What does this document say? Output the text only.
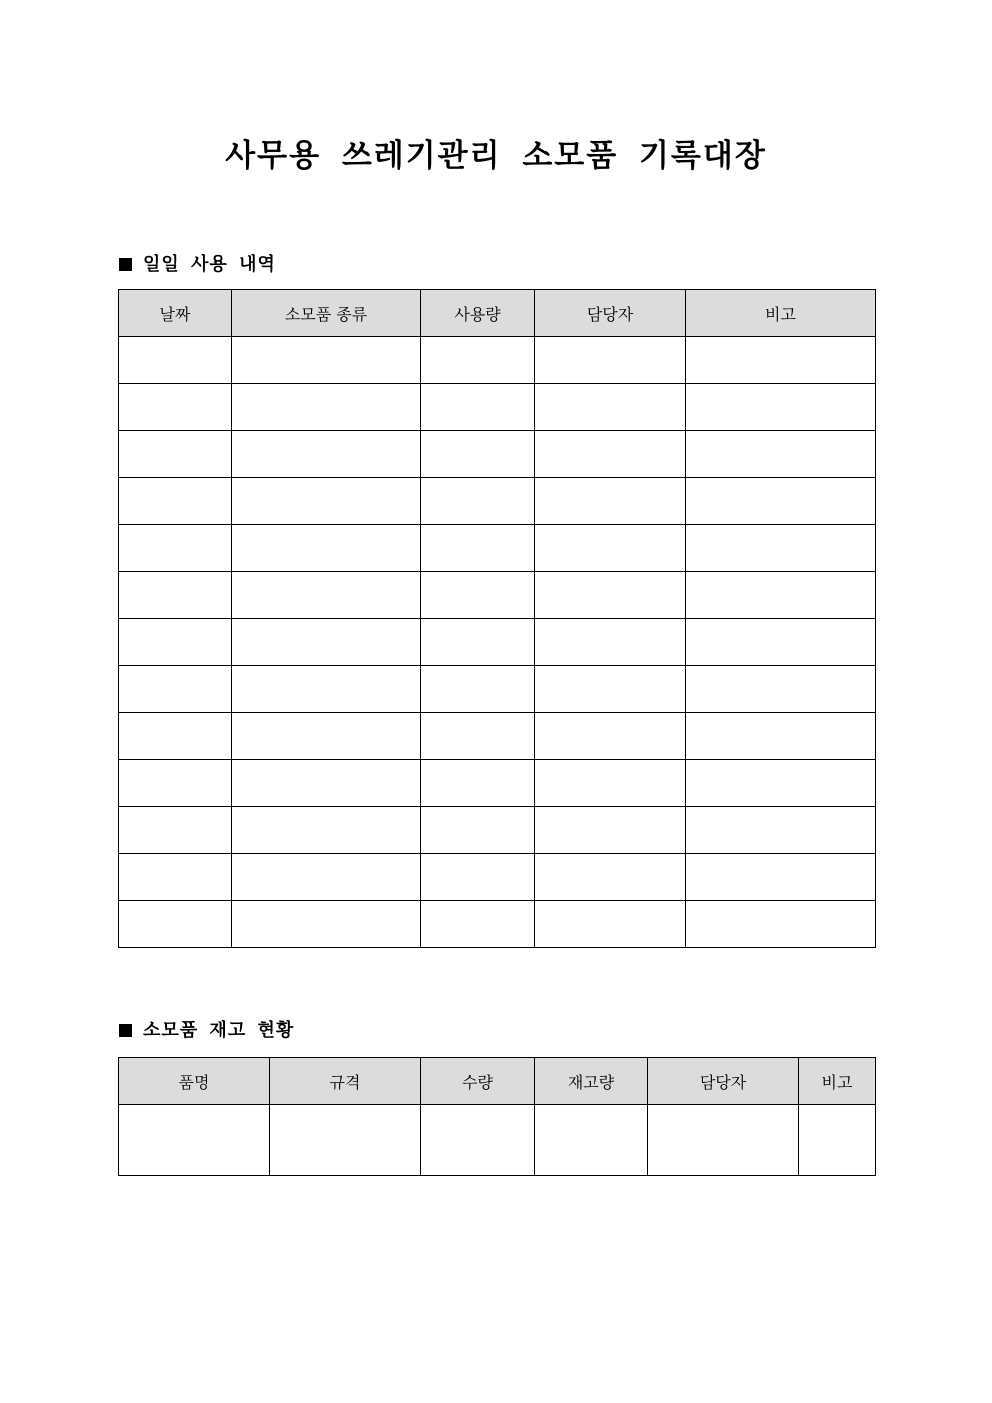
사무용 쓰레기관리 소모품 기록대장
일일 사용 내역
날짜	소모품 종류	사용량	담당자	비고

소모품 재고 현황
품명	규격	수량	재고량	담당자	비고
